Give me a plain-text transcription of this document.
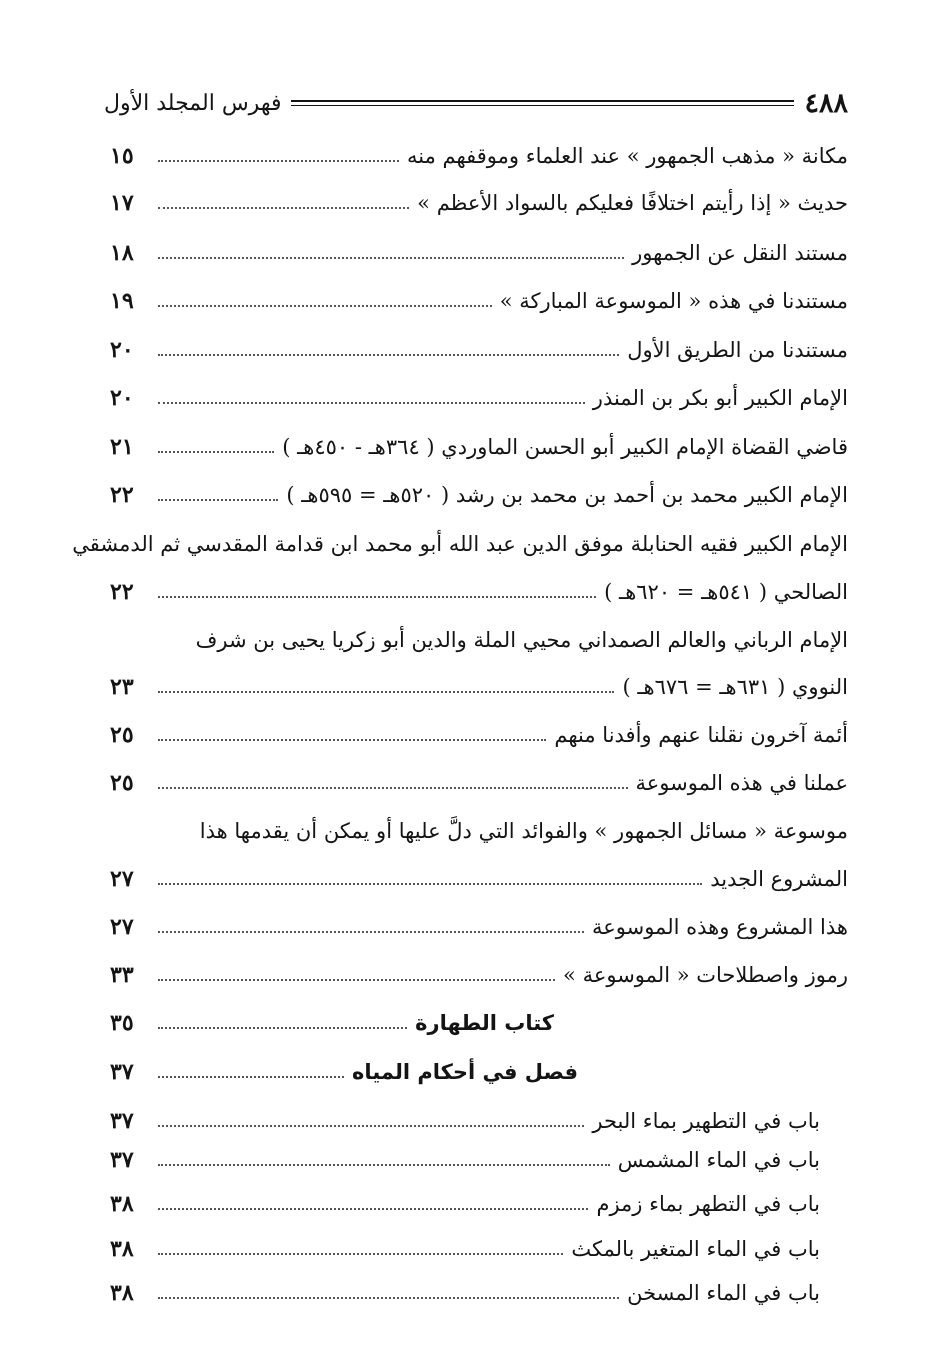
٤٨٨
فهرس المجلد الأول
مكانة « مذهب الجمهور » عند العلماء وموقفهم منه
١٥
حديث « إذا رأيتم اختلافًا فعليكم بالسواد الأعظم »
١٧
مستند النقل عن الجمهور
١٨
مستندنا في هذه « الموسوعة المباركة »
١٩
مستندنا من الطريق الأول
٢٠
الإمام الكبير أبو بكر بن المنذر
٢٠
قاضي القضاة الإمام الكبير أبو الحسن الماوردي ( ٣٦٤هـ - ٤٥٠هـ )
٢١
الإمام الكبير محمد بن أحمد بن محمد بن رشد ( ٥٢٠هـ = ٥٩٥هـ )
٢٢
الإمام الكبير فقيه الحنابلة موفق الدين عبد الله أبو محمد ابن قدامة المقدسي ثم الدمشقي
الصالحي ( ٥٤١هـ = ٦٢٠هـ )
٢٢
الإمام الرباني والعالم الصمداني محيي الملة والدين أبو زكريا يحيى بن شرف
النووي ( ٦٣١هـ = ٦٧٦هـ )
٢٣
أئمة آخرون نقلنا عنهم وأفدنا منهم
٢٥
عملنا في هذه الموسوعة
٢٥
موسوعة « مسائل الجمهور » والفوائد التي دلَّ عليها أو يمكن أن يقدمها هذا
المشروع الجديد
٢٧
هذا المشروع وهذه الموسوعة
٢٧
رموز واصطلاحات « الموسوعة »
٣٣
كتاب الطهارة
٣٥
فصل في أحكام المياه
٣٧
باب في التطهير بماء البحر
٣٧
باب في الماء المشمس
٣٧
باب في التطهر بماء زمزم
٣٨
باب في الماء المتغير بالمكث
٣٨
باب في الماء المسخن
٣٨
